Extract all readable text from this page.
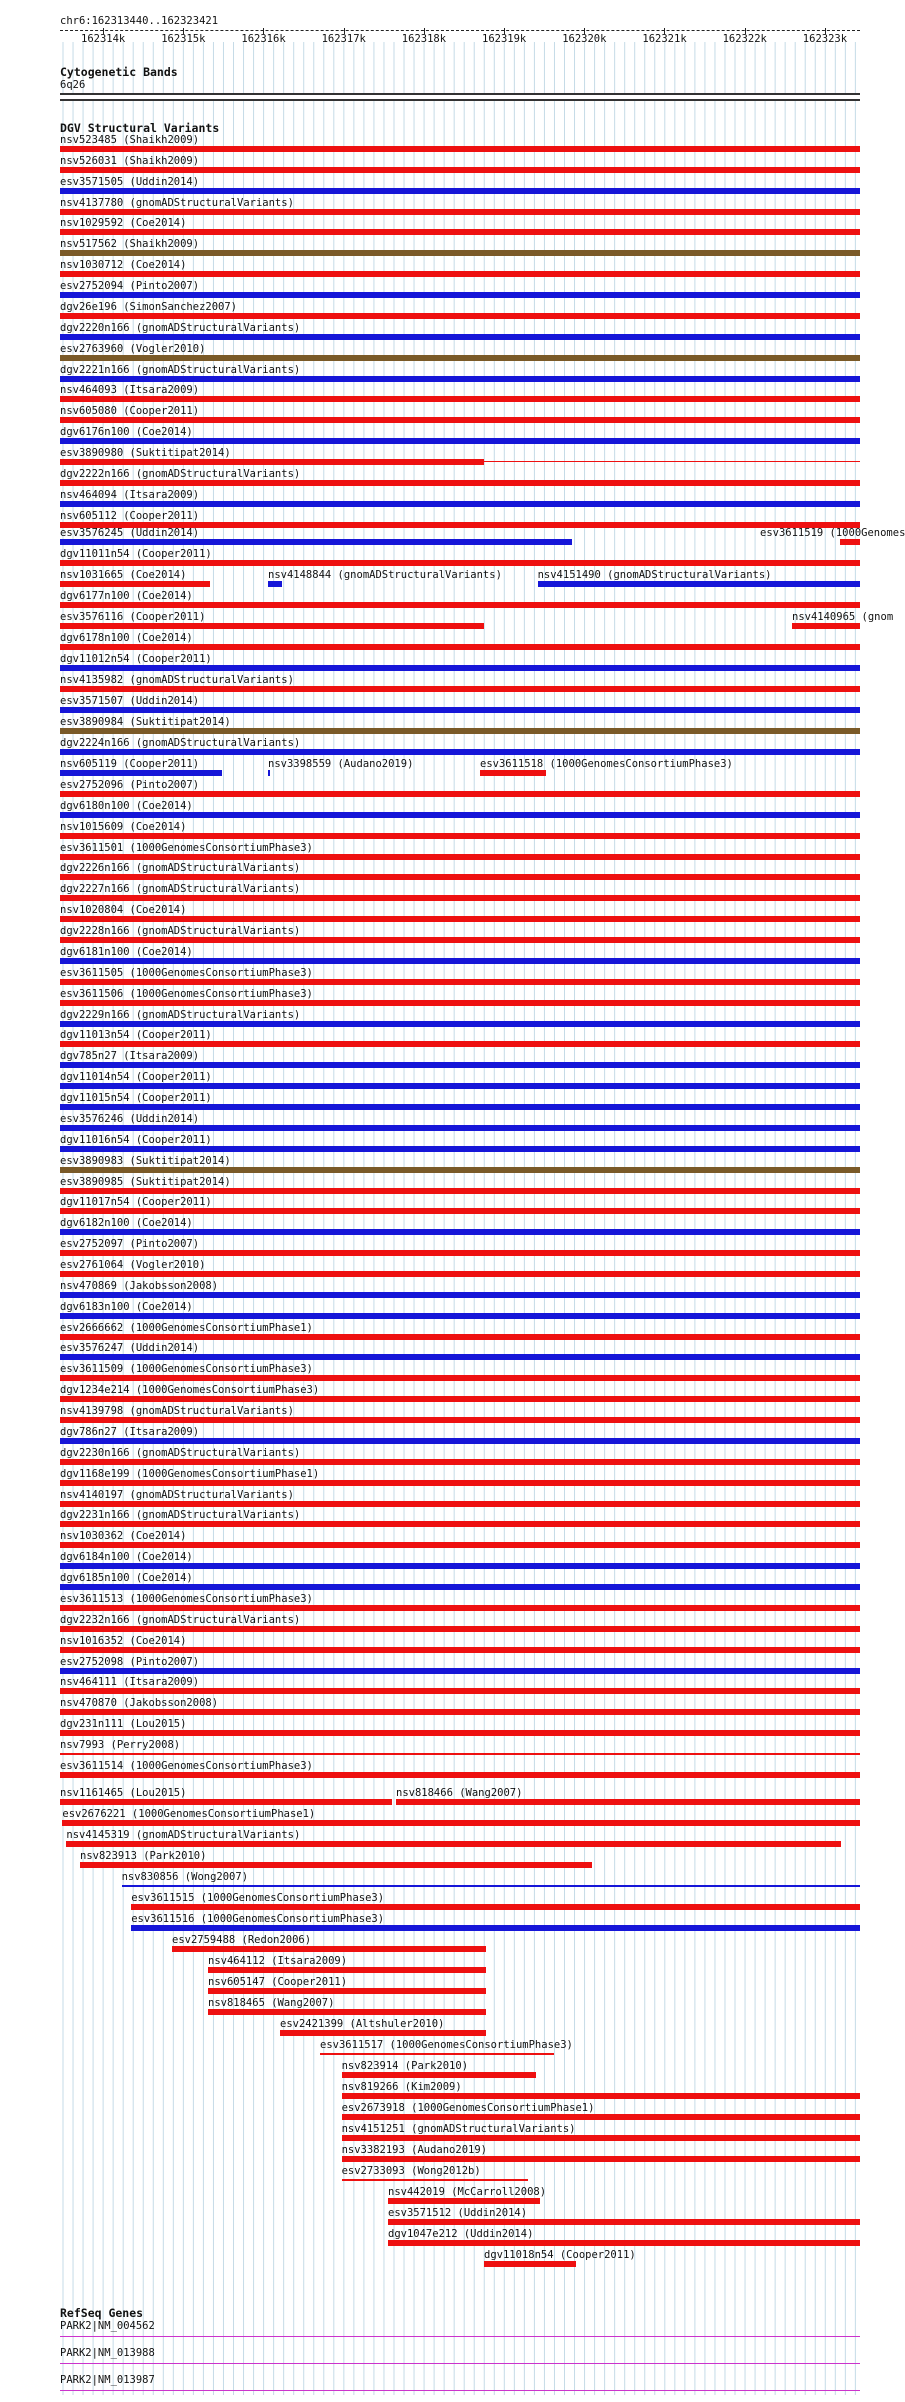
chr6:162313440..162323421
162314k	162315k	162316k	162317k	162318k	162319k	162320k	162321k	162322k	162323k
Cytogenetic Bands
6q26
DGV Structural Variants
nsv523485 (Shaikh2009)
nsv526031 (Shaikh2009)
esv3571505 (Uddin2014)
nsv4137780 (gnomADStructuralVariants)
nsv1029592 (Coe2014)
nsv517562 (Shaikh2009)
nsv1030712 (Coe2014)
esv2752094 (Pinto2007)
dgv26e196 (SimonSanchez2007)
dgv2220n166 (gnomADStructuralVariants)
esv2763960 (Vogler2010)
dgv2221n166 (gnomADStructuralVariants)
nsv464093 (Itsara2009)
nsv605080 (Cooper2011)
dgv6176n100 (Coe2014)
esv3890980 (Suktitipat2014)
dgv2222n166 (gnomADStructuralVariants)
nsv464094 (Itsara2009)
nsv605112 (Cooper2011)
esv3576245 (Uddin2014)	esv3611519 (1000Genomes
dgv11011n54 (Cooper2011)
nsv1031665 (Coe2014)	nsv4148844 (gnomADStructuralVariants)	nsv4151490 (gnomADStructuralVariants)
dgv6177n100 (Coe2014)
esv3576116 (Cooper2011)	nsv4140965 (gnom
dgv6178n100 (Coe2014)
dgv11012n54 (Cooper2011)
nsv4135982 (gnomADStructuralVariants)
esv3571507 (Uddin2014)
esv3890984 (Suktitipat2014)
dgv2224n166 (gnomADStructuralVariants)
nsv605119 (Cooper2011)	nsv3398559 (Audano2019)	esv3611518 (1000GenomesConsortiumPhase3)
esv2752096 (Pinto2007)
dgv6180n100 (Coe2014)
nsv1015609 (Coe2014)
esv3611501 (1000GenomesConsortiumPhase3)
dgv2226n166 (gnomADStructuralVariants)
dgv2227n166 (gnomADStructuralVariants)
nsv1020804 (Coe2014)
dgv2228n166 (gnomADStructuralVariants)
dgv6181n100 (Coe2014)
esv3611505 (1000GenomesConsortiumPhase3)
esv3611506 (1000GenomesConsortiumPhase3)
dgv2229n166 (gnomADStructuralVariants)
dgv11013n54 (Cooper2011)
dgv785n27 (Itsara2009)
dgv11014n54 (Cooper2011)
dgv11015n54 (Cooper2011)
esv3576246 (Uddin2014)
dgv11016n54 (Cooper2011)
esv3890983 (Suktitipat2014)
esv3890985 (Suktitipat2014)
dgv11017n54 (Cooper2011)
dgv6182n100 (Coe2014)
esv2752097 (Pinto2007)
esv2761064 (Vogler2010)
nsv470869 (Jakobsson2008)
dgv6183n100 (Coe2014)
esv2666662 (1000GenomesConsortiumPhase1)
esv3576247 (Uddin2014)
esv3611509 (1000GenomesConsortiumPhase3)
dgv1234e214 (1000GenomesConsortiumPhase3)
nsv4139798 (gnomADStructuralVariants)
dgv786n27 (Itsara2009)
dgv2230n166 (gnomADStructuralVariants)
dgv1168e199 (1000GenomesConsortiumPhase1)
nsv4140197 (gnomADStructuralVariants)
dgv2231n166 (gnomADStructuralVariants)
nsv1030362 (Coe2014)
dgv6184n100 (Coe2014)
dgv6185n100 (Coe2014)
esv3611513 (1000GenomesConsortiumPhase3)
dgv2232n166 (gnomADStructuralVariants)
nsv1016352 (Coe2014)
esv2752098 (Pinto2007)
nsv464111 (Itsara2009)
nsv470870 (Jakobsson2008)
dgv231n111 (Lou2015)
nsv7993 (Perry2008)
esv3611514 (1000GenomesConsortiumPhase3)
nsv1161465 (Lou2015)	nsv818466 (Wang2007)
esv2676221 (1000GenomesConsortiumPhase1)
nsv4145319 (gnomADStructuralVariants)
nsv823913 (Park2010)
nsv830856 (Wong2007)
esv3611515 (1000GenomesConsortiumPhase3)
esv3611516 (1000GenomesConsortiumPhase3)
esv2759488 (Redon2006)
nsv464112 (Itsara2009)
nsv605147 (Cooper2011)
nsv818465 (Wang2007)
esv2421399 (Altshuler2010)
esv3611517 (1000GenomesConsortiumPhase3)
nsv823914 (Park2010)
nsv819266 (Kim2009)
esv2673918 (1000GenomesConsortiumPhase1)
nsv4151251 (gnomADStructuralVariants)
nsv3382193 (Audano2019)
esv2733093 (Wong2012b)
nsv442019 (McCarroll2008)
esv3571512 (Uddin2014)
dgv1047e212 (Uddin2014)
dgv11018n54 (Cooper2011)
RefSeq Genes
PARK2|NM_004562
PARK2|NM_013988
PARK2|NM_013987
